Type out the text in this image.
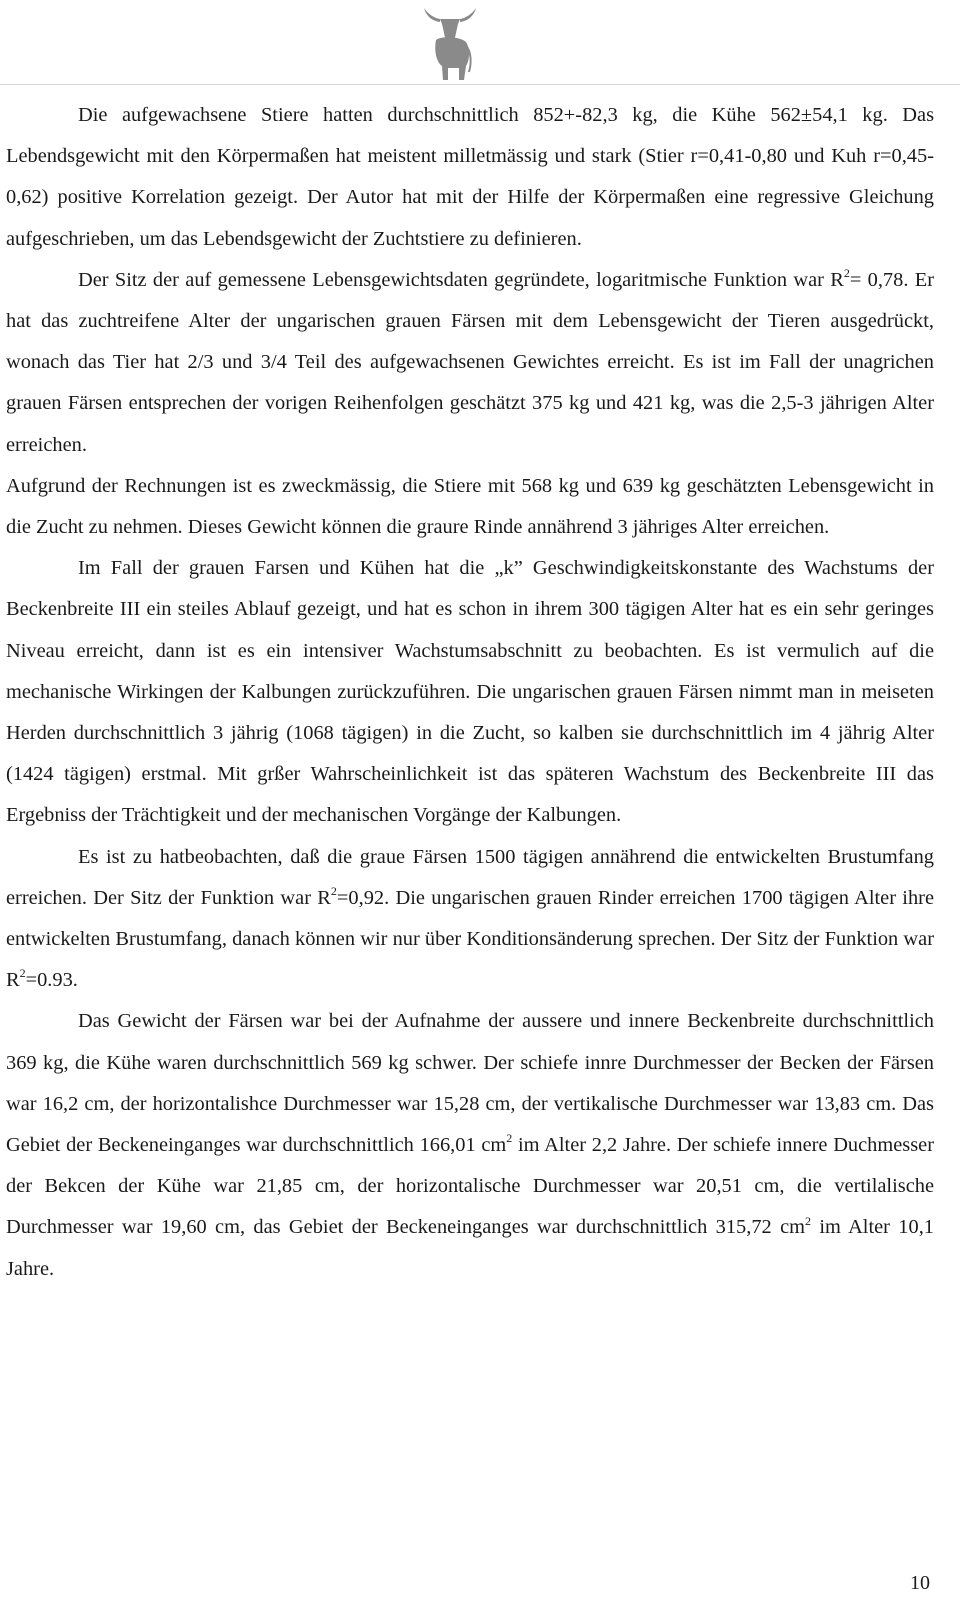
Die aufgewachsene Stiere hatten durchschnittlich 852+-82,3 kg, die Kühe 562±54,1 kg. Das Lebendsgewicht mit den Körpermaßen hat meistent milletmässig und stark (Stier r=0,41-0,80 und Kuh r=0,45-0,62) positive Korrelation gezeigt. Der Autor hat mit der Hilfe der Körpermaßen eine regressive Gleichung aufgeschrieben, um das Lebendsgewicht der Zuchtstiere zu definieren.

Der Sitz der auf gemessene Lebensgewichtsdaten gegründete, logaritmische Funktion war $R^2= 0,78$. Er hat das zuchtreifene Alter der ungarischen grauen Färsen mit dem Lebensgewicht der Tieren ausgedrückt, wonach das Tier hat 2/3 und 3/4 Teil des aufgewachsenen Gewichtes erreicht. Es ist im Fall der unagrichen grauen Färsen entsprechen der vorigen Reihenfolgen geschätzt 375 kg und 421 kg, was die 2,5-3 jährigen Alter erreichen.

Aufgrund der Rechnungen ist es zweckmässig, die Stiere mit 568 kg und 639 kg geschätzten Lebensgewicht in die Zucht zu nehmen. Dieses Gewicht können die graure Rinde annährend 3 jähriges Alter erreichen.

Im Fall der grauen Farsen und Kühen hat die „k” Geschwindigkeitskonstante des Wachstums der Beckenbreite III ein steiles Ablauf gezeigt, und hat es schon in ihrem 300 tägigen Alter hat es ein sehr geringes Niveau erreicht, dann ist es ein intensiver Wachstumsabschnitt zu beobachten. Es ist vermulich auf die mechanische Wirkingen der Kalbungen zurückzuführen. Die ungarischen grauen Färsen nimmt man in meiseten Herden durchschnittlich 3 jährig (1068 tägigen) in die Zucht, so kalben sie durchschnittlich im 4 jährig Alter (1424 tägigen) erstmal. Mit grßer Wahrscheinlichkeit ist das späteren Wachstum des Beckenbreite III das Ergebniss der Trächtigkeit und der mechanischen Vorgänge der Kalbungen.

Es ist zu hatbeobachten, daß die graue Färsen 1500 tägigen annährend die entwickelten Brustumfang erreichen. Der Sitz der Funktion war $R^2=0,92$. Die ungarischen grauen Rinder erreichen 1700 tägigen Alter ihre entwickelten Brustumfang, danach können wir nur über Konditionsänderung sprechen. Der Sitz der Funktion war $R^2=0.93$.

Das Gewicht der Färsen war bei der Aufnahme der aussere und innere Beckenbreite durchschnittlich 369 kg, die Kühe waren durchschnittlich 569 kg schwer. Der schiefe innre Durchmesser der Becken der Färsen war 16,2 cm, der horizontalishce Durchmesser war 15,28 cm, der vertikalische Durchmesser war 13,83 cm. Das Gebiet der Beckeneinganges war durchschnittlich 166,01 $cm^2$ im Alter 2,2 Jahre. Der schiefe innere Duchmesser der Bekcen der Kühe war 21,85 cm, der horizontalische Durchmesser war 20,51 cm, die vertilalische Durchmesser war 19,60 cm, das Gebiet der Beckeneinganges war durchschnittlich 315,72 $cm^2$ im Alter 10,1 Jahre.

10
